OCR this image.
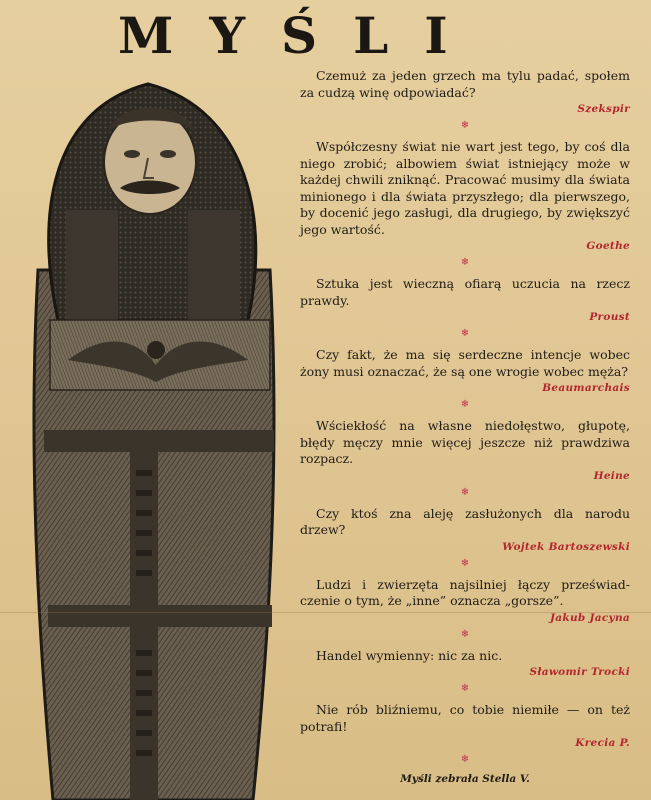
MYŚLI
Czemuż za jeden grzech ma tylu padać, społem za cudzą winę odpowiadać?
Szekspir
❄
Współczesny świat nie wart jest tego, by coś dla niego zrobić; albowiem świat istniejący może w każdej chwili zniknąć. Pracować musimy dla świata minionego i dla świata przyszłego; dla pierwszego, by docenić jego zasługi, dla drugiego, by zwiększyć jego wartość.
Goethe
❄
Sztuka jest wieczną ofiarą uczucia na rzecz prawdy.
Proust
❄
Czy fakt, że ma się serdeczne intencje wobec żony musi oznaczać, że są one wrogie wobec męża?
Beaumarchais
❄
Wściekłość na własne niedołęstwo, głupotę, błędy męczy mnie więcej jeszcze niż prawdziwa rozpacz.
Heine
❄
Czy ktoś zna aleję zasłużonych dla narodu drzew?
Wojtek Bartoszewski
❄
Ludzi i zwierzęta najsilniej łączy przeświadczenie o tym, że „inne” oznacza „gorsze”.
Jakub Jacyna
❄
Handel wymienny: nic za nic.
Sławomir Trocki
❄
Nie rób bliźniemu, co tobie niemiłe — on też potrafi!
Krecia P.
❄
Myśli zebrała Stella V.
